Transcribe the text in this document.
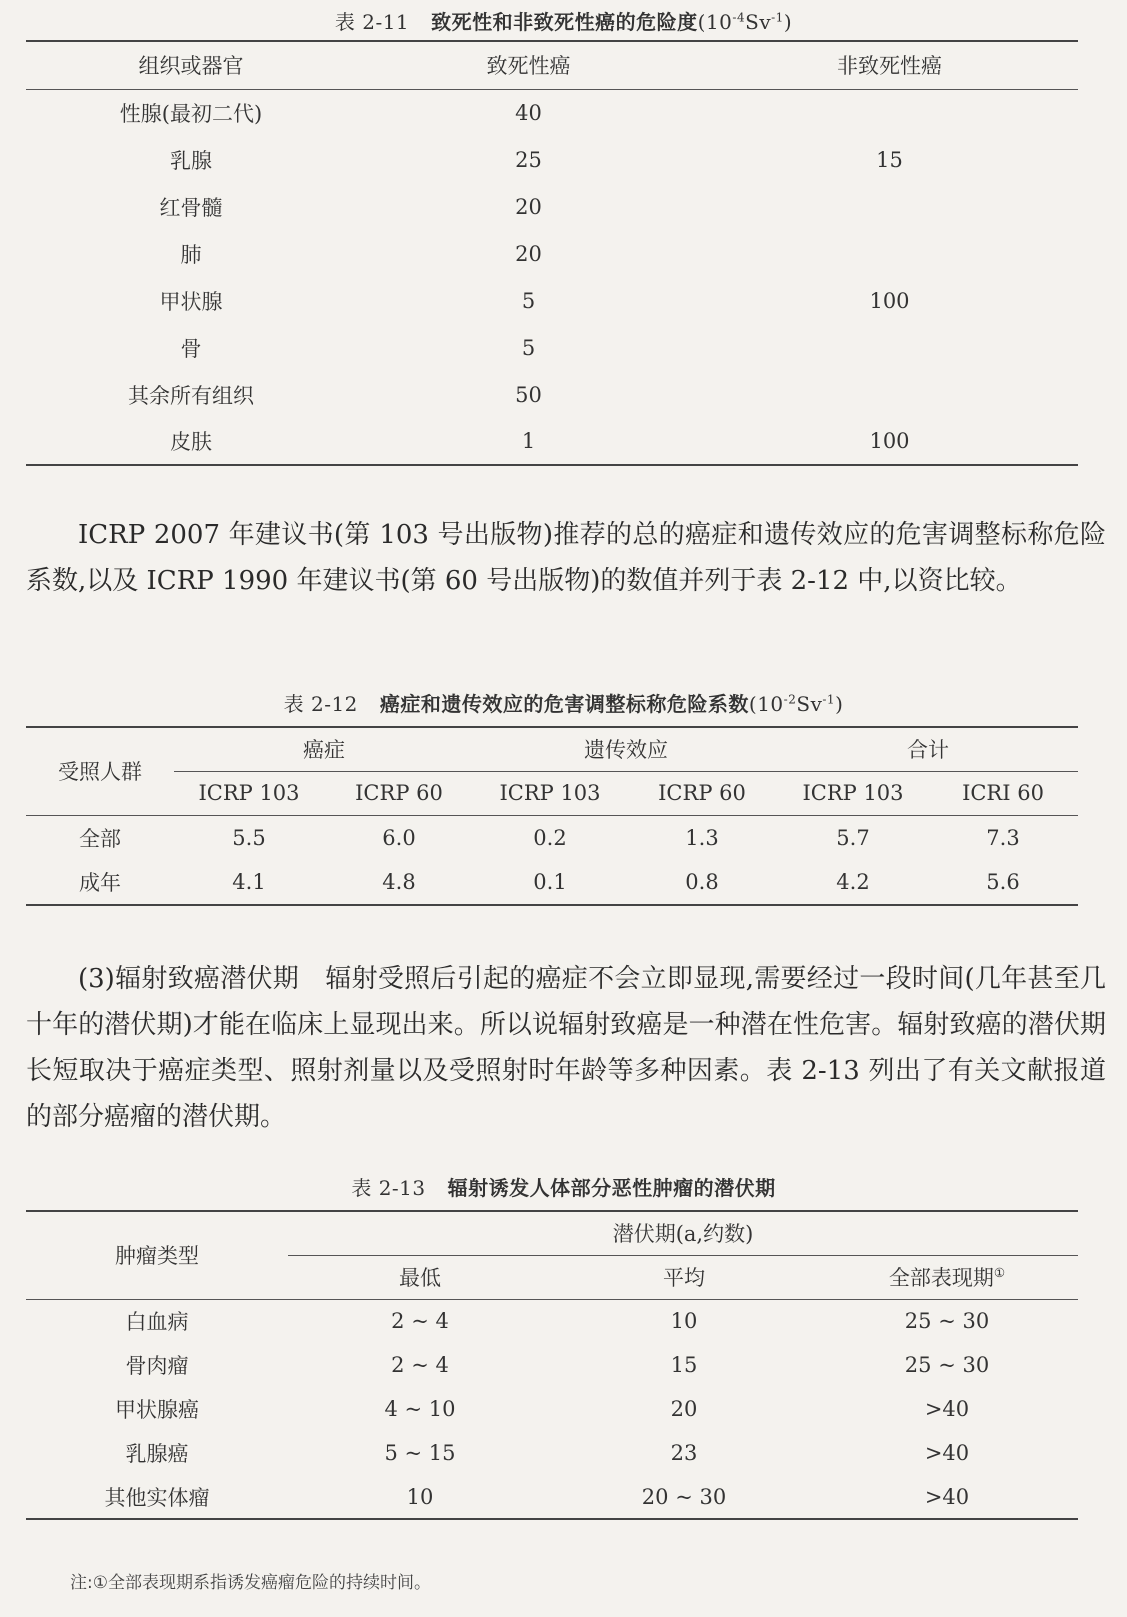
表 2-11 致死性和非致死性癌的危险度$(10^{-4}Sv^{-1})$
组织或器官	致死性癌	非致死性癌
性腺(最初二代)	40	
乳腺	25	15
红骨髓	20	
肺	20	
甲状腺	5	100
骨	5	
其余所有组织	50	
皮肤	1	100

ICRP 2007 年建议书(第 103 号出版物)推荐的总的癌症和遗传效应的危害调整标称危险系数,以及 ICRP 1990 年建议书(第 60 号出版物)的数值并列于表 2-12 中,以资比较。

表 2-12 癌症和遗传效应的危害调整标称危险系数$(10^{-2}Sv^{-1})$
受照人群	癌症		遗传效应		合计	
	ICRP 103	ICRP 60	ICRP 103	ICRP 60	ICRP 103	ICRI 60
全部	5.5	6.0	0.2	1.3	5.7	7.3
成年	4.1	4.8	0.1	0.8	4.2	5.6

(3)辐射致癌潜伏期　辐射受照后引起的癌症不会立即显现,需要经过一段时间(几年甚至几十年的潜伏期)才能在临床上显现出来。所以说辐射致癌是一种潜在性危害。辐射致癌的潜伏期长短取决于癌症类型、照射剂量以及受照射时年龄等多种因素。表 2-13 列出了有关文献报道的部分癌瘤的潜伏期。

表 2-13 辐射诱发人体部分恶性肿瘤的潜伏期
肿瘤类型	潜伏期(a,约数)		
	最低	平均	全部表现期①
白血病	2 ~ 4	10	25 ~ 30
骨肉瘤	2 ~ 4	15	25 ~ 30
甲状腺癌	4 ~ 10	20	>40
乳腺癌	5 ~ 15	23	>40
其他实体瘤	10	20 ~ 30	>40
注:①全部表现期系指诱发癌瘤危险的持续时间。
